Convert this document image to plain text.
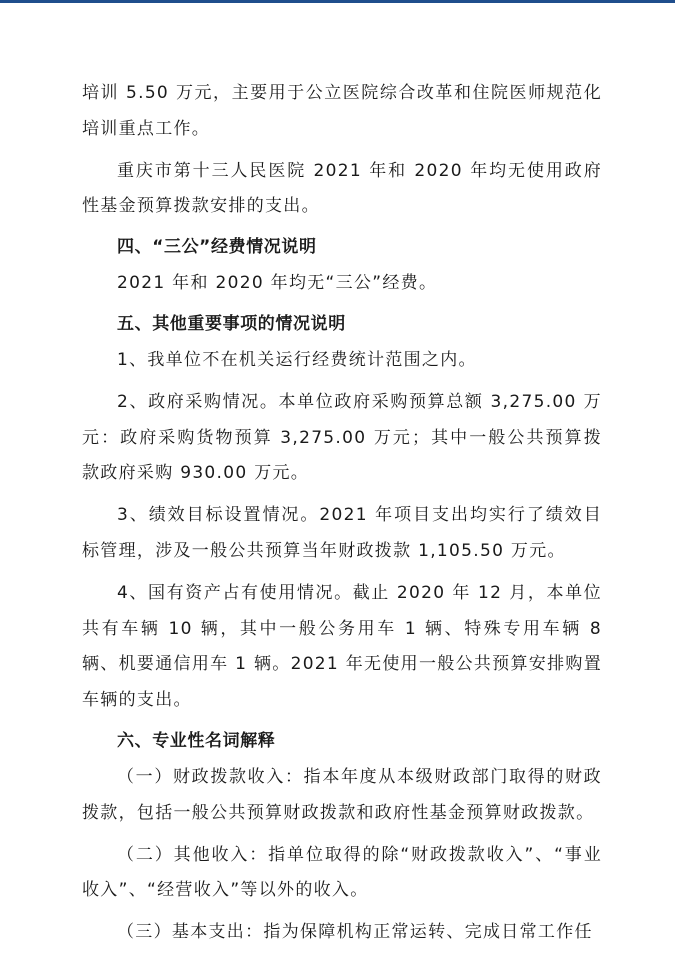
培训 5.50 万元，主要用于公立医院综合改革和住院医师规范化培训重点工作。

重庆市第十三人民医院 2021 年和 2020 年均无使用政府性基金预算拨款安排的支出。

四、“三公”经费情况说明

2021 年和 2020 年均无“三公”经费。

五、其他重要事项的情况说明

1、我单位不在机关运行经费统计范围之内。

2、政府采购情况。本单位政府采购预算总额 3,275.00 万元：政府采购货物预算 3,275.00 万元；其中一般公共预算拨款政府采购 930.00 万元。

3、绩效目标设置情况。2021 年项目支出均实行了绩效目标管理，涉及一般公共预算当年财政拨款 1,105.50 万元。

4、国有资产占有使用情况。截止 2020 年 12 月，本单位共有车辆 10 辆，其中一般公务用车 1 辆、特殊专用车辆 8 辆、机要通信用车 1 辆。2021 年无使用一般公共预算安排购置车辆的支出。

六、专业性名词解释

（一）财政拨款收入：指本年度从本级财政部门取得的财政拨款，包括一般公共预算财政拨款和政府性基金预算财政拨款。

（二）其他收入：指单位取得的除“财政拨款收入”、“事业收入”、“经营收入”等以外的收入。

（三）基本支出：指为保障机构正常运转、完成日常工作任
